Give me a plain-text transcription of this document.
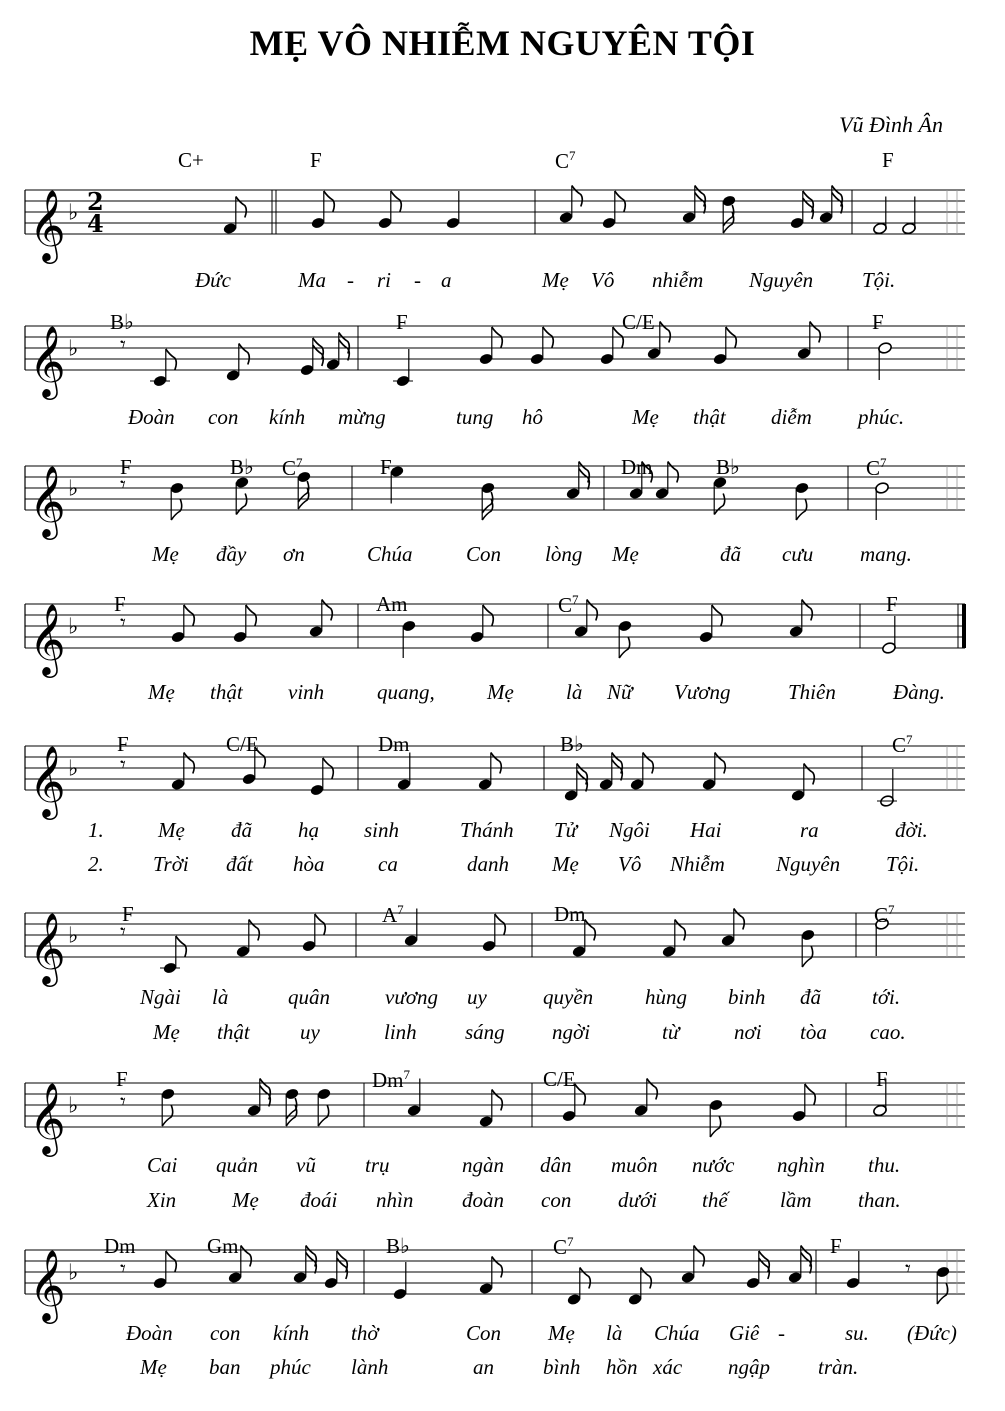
MẸ VÔ NHIỄM NGUYÊN TỘI
Vũ Đình Ân
𝄞 ♭ 2
4
C+	F	$C^7$	F
Đức	Ma - ri - a	Mẹ Vô nhiễm Nguyên Tội.
𝄞 ♭ 𝄾
B♭	F	C/E	F
Đoàn con kính mừng	tung hô	Mẹ thật diễm phúc.
𝄞 ♭ 𝄾
F	B♭ $C^7$	F	Dm	B♭	$C^7$
Mẹ đầy ơn	Chúa	Con lòng Mẹ	đã cưu mang.
𝄞 ♭ 𝄾
F	Am	$C^7$	F
Mẹ thật vinh	quang, Mẹ là Nữ Vương	Thiên	Đàng.
𝄞 ♭ 𝄾
F	C/E	Dm	B♭	$C^7$
1.	Mẹ đã hạ sinh	Thánh Tử Ngôi Hai	ra	đời.
2. Trời đất hòa	ca	danh Mẹ Vô Nhiễm Nguyên Tội.
𝄞 ♭ 𝄾
F	$A^7$	Dm	$C^7$
Ngài là	quân	vương uy	quyền hùng binh đã tới.
Mẹ thật uy	linh sáng ngời	từ	nơi tòa cao.
𝄞 ♭ 𝄾
F	Dm$^7$	C/E	F
Cai quản vũ trụ	ngàn dân muôn nước nghìn thu.
Xin	Mẹ đoái nhìn đoàn con dưới thế lầm than.
𝄞 ♭ 𝄾	𝄾
Dm	Gm	B♭	$C^7$	F
Đoàn con kính thờ	Con Mẹ là Chúa Giê -	su. (Đức)
Mẹ ban phúc lành	an bình hồn xác ngập tràn.
